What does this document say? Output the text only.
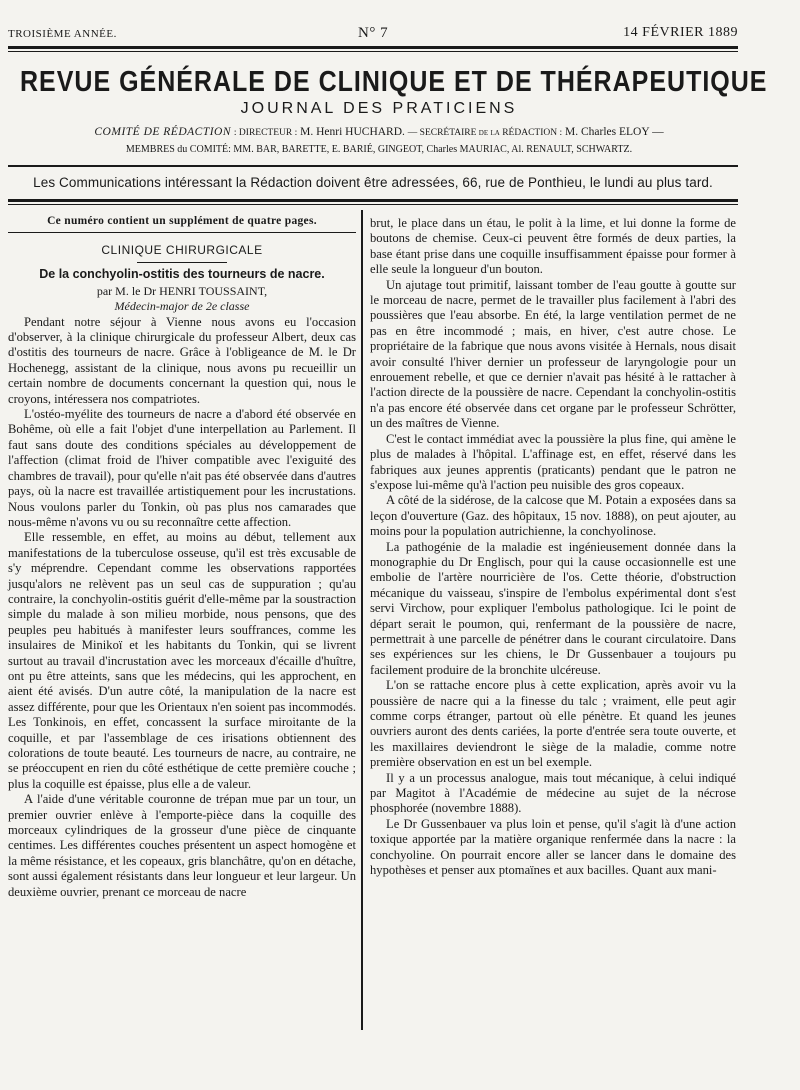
TROISIÈME ANNÉE.	N° 7	14 FÉVRIER 1889
REVUE GÉNÉRALE DE CLINIQUE ET DE THÉRAPEUTIQUE
JOURNAL DES PRATICIENS
COMITÉ DE RÉDACTION : DIRECTEUR : M. Henri HUCHARD. — SECRÉTAIRE de la RÉDACTION : M. Charles ELOY —
MEMBRES du COMITÉ: MM. BAR, BARETTE, E. BARIÉ, GINGEOT, Charles MAURIAC, Al. RENAULT, SCHWARTZ.
Les Communications intéressant la Rédaction doivent être adressées, 66, rue de Ponthieu, le lundi au plus tard.
Ce numéro contient un supplément de quatre pages.
CLINIQUE CHIRURGICALE
De la conchyolin-ostitis des tourneurs de nacre.
par M. le Dr HENRI TOUSSAINT,
Médecin-major de 2e classe

Pendant notre séjour à Vienne nous avons eu l'occasion d'observer, à la clinique chirurgicale du professeur Albert, deux cas d'ostitis des tourneurs de nacre. Grâce à l'obligeance de M. le Dr Hochenegg, assistant de la clinique, nous avons pu recueillir un certain nombre de documents concernant la question qui, nous le croyons, intéressera nos compatriotes.

L'ostéo-myélite des tourneurs de nacre a d'abord été observée en Bohême, où elle a fait l'objet d'une interpellation au Parlement. Il faut sans doute des conditions spéciales au développement de l'affection (climat froid de l'hiver compatible avec l'exiguité des chambres de travail), pour qu'elle n'ait pas été observée dans d'autres pays, où la nacre est travaillée artistiquement pour les incrustations. Nous voulons parler du Tonkin, où pas plus nos camarades que nous-même n'avons vu ou su reconnaître cette affection.

Elle ressemble, en effet, au moins au début, tellement aux manifestations de la tuberculose osseuse, qu'il est très excusable de s'y méprendre. Cependant comme les observations rapportées jusqu'alors ne relèvent pas un seul cas de suppuration ; qu'au contraire, la conchyolin-ostitis guérit d'elle-même par la soustraction simple du malade à son milieu morbide, nous pensons, que des peuples peu habitués à manifester leurs souffrances, comme les insulaires de Minikoï et les habitants du Tonkin, qui se livrent surtout au travail d'incrustation avec les morceaux d'écaille d'huître, ont pu être atteints, sans que les médecins, qui les approchent, en aient été avisés. D'un autre côté, la manipulation de la nacre est assez différente, pour que les Orientaux n'en soient pas incommodés. Les Tonkinois, en effet, concassent la surface miroitante de la coquille, et par l'assemblage de ces irisations obtiennent des colorations de toute beauté. Les tourneurs de nacre, au contraire, ne se préoccupent en rien du côté esthétique de cette première couche ; plus la coquille est épaisse, plus elle a de valeur.

A l'aide d'une véritable couronne de trépan mue par un tour, un premier ouvrier enlève à l'emporte-pièce dans la coquille des morceaux cylindriques de la grosseur d'une pièce de cinquante centimes. Les différentes couches présentent un aspect homogène et la même résistance, et les copeaux, gris blanchâtre, qu'on en détache, sont aussi également résistants dans leur longueur et leur largeur. Un deuxième ouvrier, prenant ce morceau de nacre

brut, le place dans un étau, le polit à la lime, et lui donne la forme de boutons de chemise. Ceux-ci peuvent être formés de deux parties, la base étant prise dans une coquille insuffisamment épaisse pour former à elle seule la longueur d'un bouton.

Un ajutage tout primitif, laissant tomber de l'eau goutte à goutte sur le morceau de nacre, permet de le travailler plus facilement à l'abri des poussières que l'eau absorbe. En été, la large ventilation permet de ne pas en être incommodé ; mais, en hiver, c'est autre chose. Le propriétaire de la fabrique que nous avons visitée à Hernals, nous disait avoir consulté l'hiver dernier un professeur de laryngologie pour un enrouement rebelle, et que ce dernier n'avait pas hésité à le rattacher à l'action directe de la poussière de nacre. Cependant la conchyolin-ostitis n'a pas encore été observée dans cet organe par le professeur Schrötter, un des maîtres de Vienne.

C'est le contact immédiat avec la poussière la plus fine, qui amène le plus de malades à l'hôpital. L'affinage est, en effet, réservé dans les fabriques aux jeunes apprentis (praticants) pendant que le patron ne s'expose lui-même qu'à l'action peu nuisible des gros copeaux.

A côté de la sidérose, de la calcose que M. Potain a exposées dans sa leçon d'ouverture (Gaz. des hôpitaux, 15 nov. 1888), on peut ajouter, au moins pour la population autrichienne, la conchyolinose.

La pathogénie de la maladie est ingénieusement donnée dans la monographie du Dr Englisch, pour qui la cause occasionnelle est une embolie de l'artère nourricière de l'os. Cette théorie, d'obstruction mécanique du vaisseau, s'inspire de l'embolus expérimental dont s'est servi Virchow, pour expliquer l'embolus pathologique. Ici le point de départ serait le poumon, qui, renfermant de la poussière de nacre, permettrait à une parcelle de pénétrer dans le courant circulatoire. Dans ses expériences sur les chiens, le Dr Gussenbauer a toujours pu facilement produire de la bronchite ulcéreuse.

L'on se rattache encore plus à cette explication, après avoir vu la poussière de nacre qui a la finesse du talc ; vraiment, elle peut agir comme corps étranger, partout où elle pénètre. Et quand les jeunes ouvriers auront des dents cariées, la porte d'entrée sera toute ouverte, et les maxillaires deviendront le siège de la maladie, comme notre première observation en est un bel exemple.

Il y a un processus analogue, mais tout mécanique, à celui indiqué par Magitot à l'Académie de médecine au sujet de la nécrose phosphorée (novembre 1888).

Le Dr Gussenbauer va plus loin et pense, qu'il s'agit là d'une action toxique apportée par la matière organique renfermée dans la nacre : la conchyoline. On pourrait encore aller se lancer dans le domaine des hypothèses et penser aux ptomaïnes et aux bacilles. Quant aux mani-
